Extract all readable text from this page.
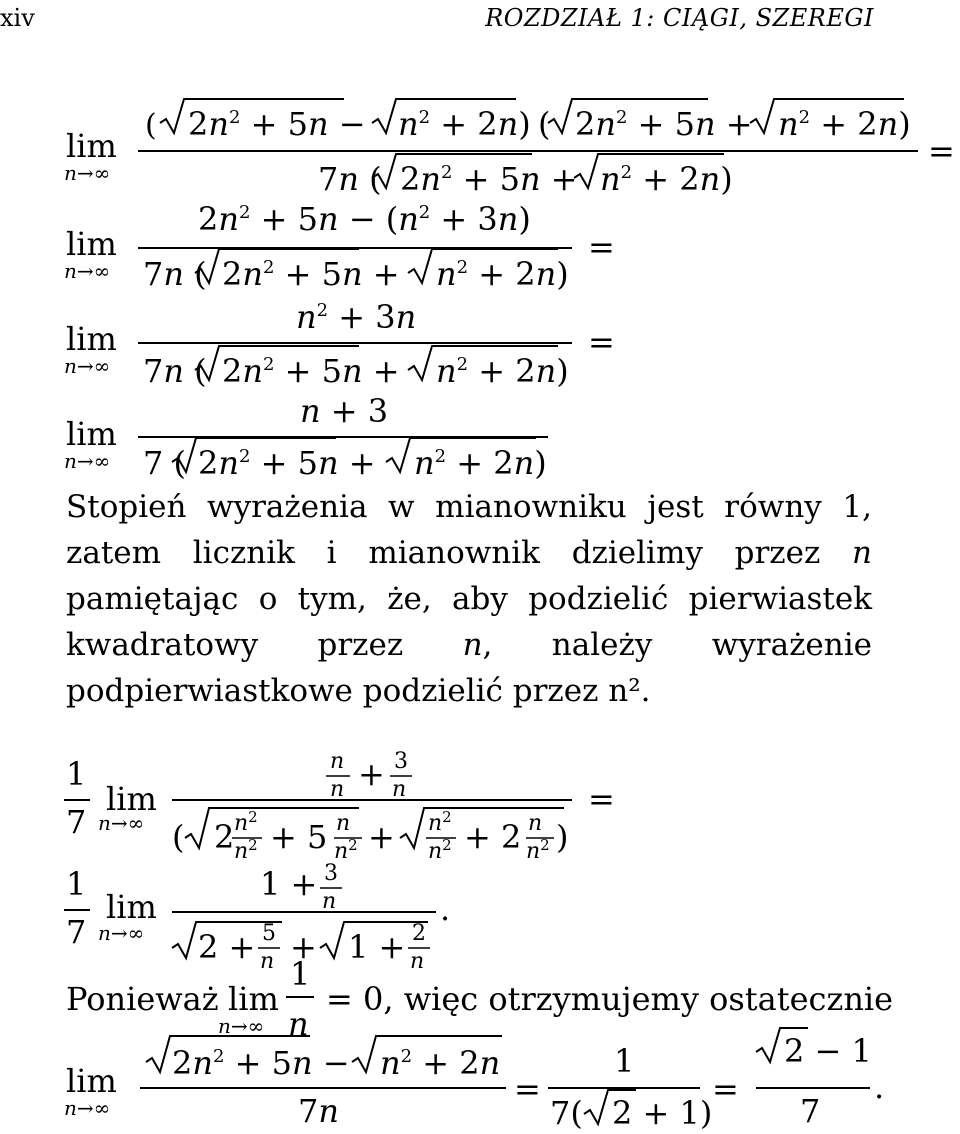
xiv	ROZDZIAŁ 1: CIĄGI, SZEREGI
lim
n→∞
( $2n^2 + 5n - n^2 + 2n$) ( $2n^2 + 5n + n^2 + 2n$)
=
7n ( $2n^2 + 5n + n^2 + 2n$)
lim
n→∞
$2n^2 + 5n - (n^2 + 3n)$
=
7n ( $2n^2 + 5n + n^2 + 2n$)
lim
n→∞
$n^2 + 3n$
=
7n ( $2n^2 + 5n + n^2 + 2n$)
lim
n→∞
n + 3
7 ( $2n^2 + 5n + n^2 + 2n$)
1
7
lim
n→∞
n
n + 3
n	=
( 2 $n^2$
$n^2 + 5$ n
$n^2 + n^2$
$n^2 + 2$ n
$n^2$ )
1
7
lim
n→∞
1 + 3
n	.
2 + 5
n + 1 + 2
n
Ponieważ lim
n→∞
1
n
= 0, więc otrzymujemy ostatecznie
lim
n→∞
$2n^2 + 5n - n^2 + 2n$
7n
=
1
7( 2 + 1)
=
2 − 1
7
.
Stopień wyrażenia w mianowniku jest równy 1, zatem licznik i mianownik dzielimy przez n pamiętając o tym, że, aby podzielić pierwiastek kwadratowy przez n, należy wyrażenie podpierwiastkowe podzielić przez n².
